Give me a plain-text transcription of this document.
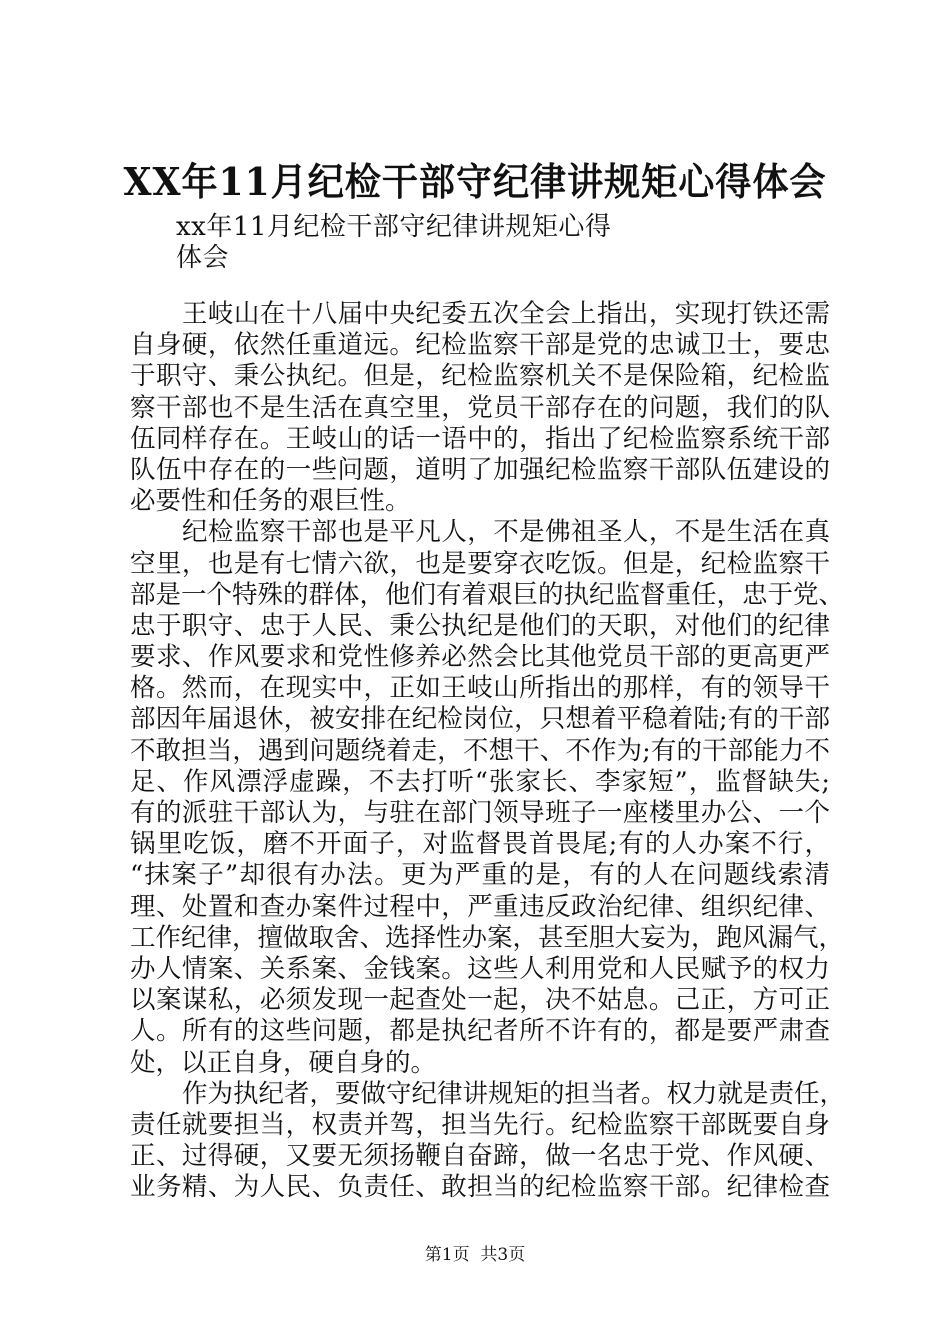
XX年11月纪检干部守纪律讲规矩心得体会
xx年11月纪检干部守纪律讲规矩心得
体会
王岐山在十八届中央纪委五次全会上指出，实现打铁还需
自身硬，依然任重道远。纪检监察干部是党的忠诚卫士，要忠
于职守、秉公执纪。但是，纪检监察机关不是保险箱，纪检监
察干部也不是生活在真空里，党员干部存在的问题，我们的队
伍同样存在。王岐山的话一语中的，指出了纪检监察系统干部
队伍中存在的一些问题，道明了加强纪检监察干部队伍建设的
必要性和任务的艰巨性。
纪检监察干部也是平凡人，不是佛祖圣人，不是生活在真
空里，也是有七情六欲，也是要穿衣吃饭。但是，纪检监察干
部是一个特殊的群体，他们有着艰巨的执纪监督重任，忠于党、
忠于职守、忠于人民、秉公执纪是他们的天职，对他们的纪律
要求、作风要求和党性修养必然会比其他党员干部的更高更严
格。然而，在现实中，正如王岐山所指出的那样，有的领导干
部因年届退休，被安排在纪检岗位，只想着平稳着陆;有的干部
不敢担当，遇到问题绕着走，不想干、不作为;有的干部能力不
足、作风漂浮虚躁，不去打听“张家长、李家短”，监督缺失;
有的派驻干部认为，与驻在部门领导班子一座楼里办公、一个
锅里吃饭，磨不开面子，对监督畏首畏尾;有的人办案不行，
“抹案子”却很有办法。更为严重的是，有的人在问题线索清
理、处置和查办案件过程中，严重违反政治纪律、组织纪律、
工作纪律，擅做取舍、选择性办案，甚至胆大妄为，跑风漏气，
办人情案、关系案、金钱案。这些人利用党和人民赋予的权力
以案谋私，必须发现一起查处一起，决不姑息。己正，方可正
人。所有的这些问题，都是执纪者所不许有的，都是要严肃查
处，以正自身，硬自身的。
作为执纪者，要做守纪律讲规矩的担当者。权力就是责任，
责任就要担当，权责并驾，担当先行。纪检监察干部既要自身
正、过得硬，又要无须扬鞭自奋蹄，做一名忠于党、作风硬、
业务精、为人民、负责任、敢担当的纪检监察干部。纪律检查
第1页  共3页
